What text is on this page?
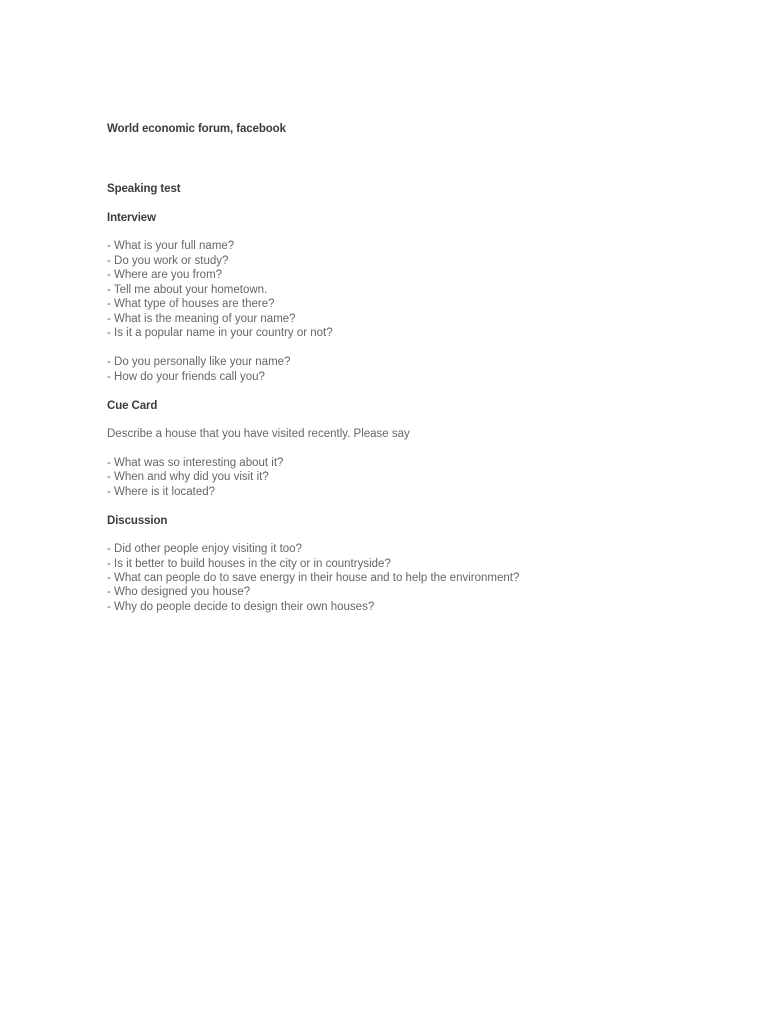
World economic forum, facebook
Speaking test
Interview
- What is your full name?
- Do you work or study?
- Where are you from?
- Tell me about your hometown.
- What type of houses are there?
- What is the meaning of your name?
- Is it a popular name in your country or not?
- Do you personally like your name?
- How do your friends call you?
Cue Card
Describe a house that you have visited recently. Please say
- What was so interesting about it?
- When and why did you visit it?
- Where is it located?
Discussion
- Did other people enjoy visiting it too?
- Is it better to build houses in the city or in countryside?
- What can people do to save energy in their house and to help the environment?
- Who designed you house?
- Why do people decide to design their own houses?
